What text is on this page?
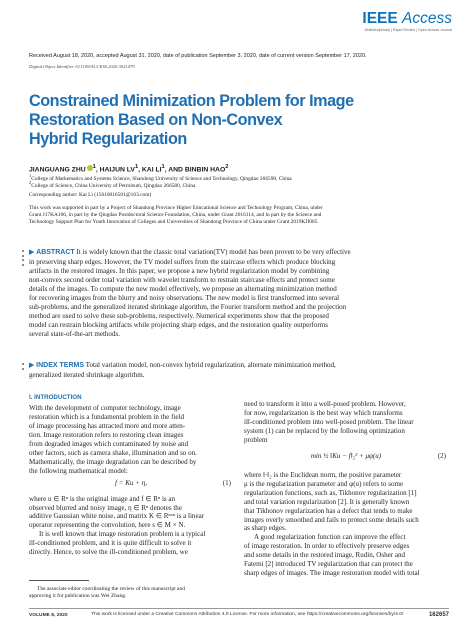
IEEE Access
Multidisciplinary | Rapid Review | Open Access Journal
Received August 18, 2020, accepted August 31, 2020, date of publication September 3, 2020, date of current version September 17, 2020.
Digital Object Identifier 10.1109/ACCESS.2020.3021479
Constrained Minimization Problem for Image
Restoration Based on Non-Convex
Hybrid Regularization
JIANGUANG ZHU $^1$, HAIJUN $LV^1$, KAI $LI^1$, AND BINBIN HAO$^2$
$^1$College of Mathematics and Systems Science, Shandong University of Science and Technology, Qingdao 266590, China
$^2$College of Science, China University of Petroleum, Qingdao 266580, China
Corresponding author: Kai Li (15610016501@163.com)
This work was supported in part by a Project of Shandong Province Higher Educational Science and Technology Program, China, under
Grant J17KA166, in part by the Qingdao Postdoctoral Science Foundation, China, under Grant 2016114, and in part by the Science and
Technology Support Plan for Youth Innovation of Colleges and Universities of Shandong Province of China under Grant 2019KJI005.
▶ ABSTRACT It is widely known that the classic total variation(TV) model has been proven to be very effective
in preserving sharp edges. However, the TV model suffers from the staircase effects which produce blocking
artifacts in the restored images. In this paper, we propose a new hybrid regularization model by combining
non-convex second order total variation with wavelet transform to restrain staircase effects and protect some
details of the images. To compute the new model effectively, we propose an alternating minimization method
for recovering images from the blurry and noisy observations. The new model is first transformed into several
sub-problems, and the generalized iterated shrinkage algorithm, the Fourier transform method and the projection
method are used to solve these sub-problems, respectively. Numerical experiments show that the proposed
model can restrain blocking artifacts while projecting sharp edges, and the restoration quality outperforms
several state-of-the-art methods.
▶ INDEX TERMS Total variation model, non-convex hybrid regularization, alternate minimization method,
generalized iterated shrinkage algorithm.
I. INTRODUCTION
With the development of computer technology, image
restoration which is a fundamental problem in the field
of image processing has attracted more and more atten-
tion. Image restoration refers to restoring clean images
from degraded images which contaminated by noise and
other factors, such as camera shake, illumination and so on.
Mathematically, the image degradation can be described by
the following mathematical model:
f = Ku + η,	(1)
where u ∈ Rⁿ is the original image and f ∈ Rⁿ is an
observed blurred and noisy image, η ∈ Rⁿ denotes the
additive Gaussian white noise, and matrix K ∈ Rⁿˣⁿ is a linear
operator representing the convolution, here s ∈ M × N.
It is well known that image restoration problem is a typical
ill-conditioned problem, and it is quite difficult to solve it
directly. Hence, to solve the ill-conditioned problem, we
need to transform it into a well-posed problem. However,
for now, regularization is the best way which transforms
ill-conditioned problem into well-posed problem. The linear
system (1) can be replaced by the following optimization
problem
min ½ ‖Ku − f‖₂² + μφ(u)	(2)
where ‖·‖₂ is the Euclidean norm, the positive parameter
μ is the regularization parameter and φ(u) refers to some
regularization functions, such as, Tikhonov regularization [1]
and total variation regularization [2]. It is generally known
that Tikhonov regularization has a defect that tends to make
images overly smoothed and fails to protect some details such
as sharp edges.
A good regularization function can improve the effect
of image restoration. In order to effectively preserve edges
and some details in the restored image, Rudin, Osher and
Fatemi [2] introduced TV regularization that can protect the
sharp edges of images. The image restoration model with total
The associate editor coordinating the review of this manuscript and
approving it for publication was Wei Zhang.
VOLUME 8, 2020	This work is licensed under a Creative Commons Attribution 4.0 License. For more information, see https://creativecommons.org/licenses/by/4.0/	162657
